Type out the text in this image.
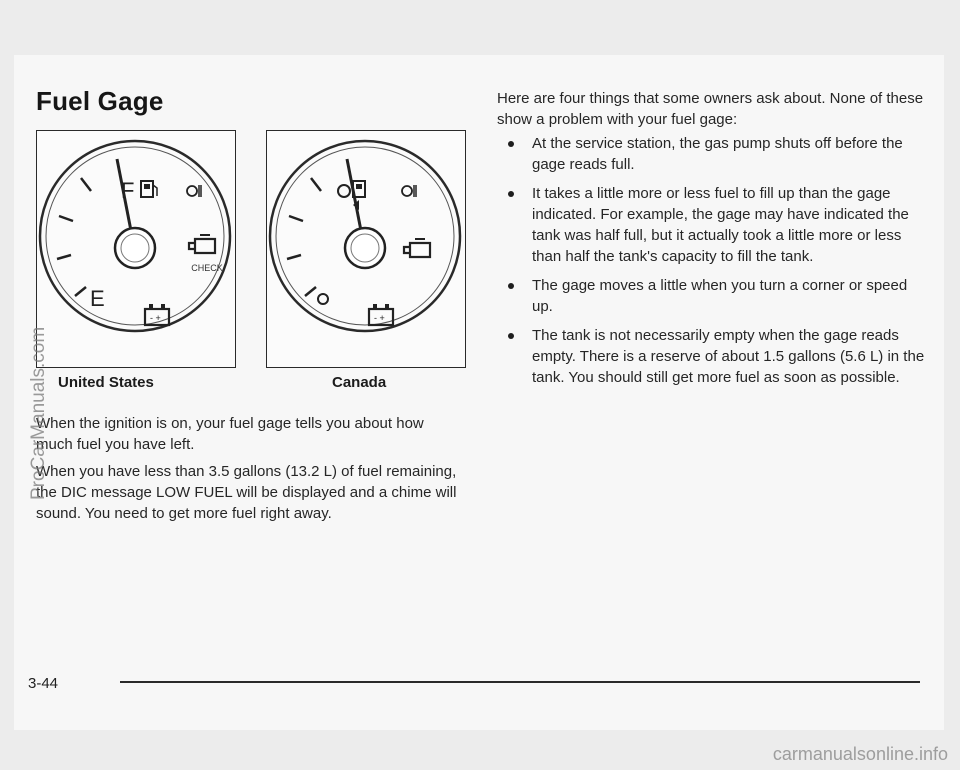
Fuel Gage
F
E
CHECK
- +
United States
- +
Canada

When the ignition is on, your fuel gage tells you about how much fuel you have left.

When you have less than 3.5 gallons (13.2 L) of fuel remaining, the DIC message LOW FUEL will be displayed and a chime will sound. You need to get more fuel right away.

Here are four things that some owners ask about. None of these show a problem with your fuel gage:

At the service station, the gas pump shuts off before the gage reads full.
It takes a little more or less fuel to fill up than the gage indicated. For example, the gage may have indicated the tank was half full, but it actually took a little more or less than half the tank's capacity to fill the tank.
The gage moves a little when you turn a corner or speed up.
The tank is not necessarily empty when the gage reads empty. There is a reserve of about 1.5 gallons (5.6 L) in the tank. You should still get more fuel as soon as possible.
3-44
ProCarManuals.com
carmanualsonline.info
